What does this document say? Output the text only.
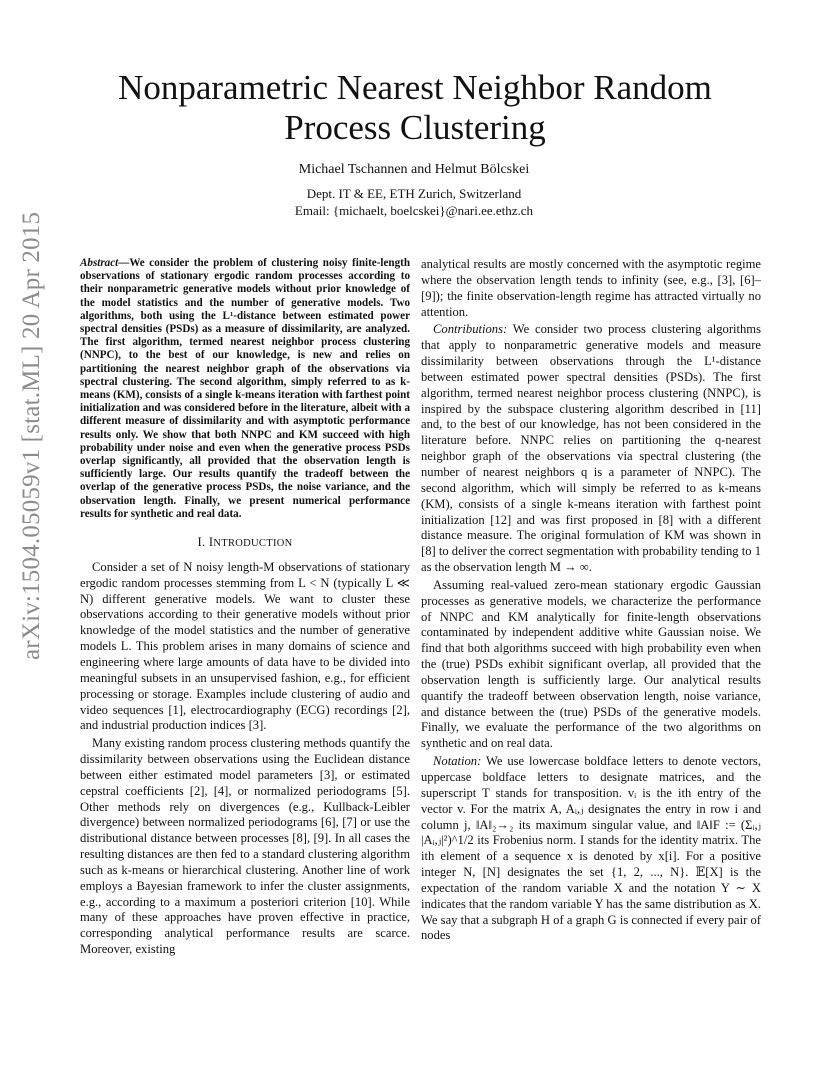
arXiv:1504.05059v1 [stat.ML] 20 Apr 2015
Nonparametric Nearest Neighbor Random Process Clustering
Michael Tschannen and Helmut Bölcskei
Dept. IT & EE, ETH Zurich, Switzerland
Email: {michaelt, boelcskei}@nari.ee.ethz.ch
Abstract—We consider the problem of clustering noisy finite-length observations of stationary ergodic random processes according to their nonparametric generative models without prior knowledge of the model statistics and the number of generative models. Two algorithms, both using the L¹-distance between estimated power spectral densities (PSDs) as a measure of dissimilarity, are analyzed. The first algorithm, termed nearest neighbor process clustering (NNPC), to the best of our knowledge, is new and relies on partitioning the nearest neighbor graph of the observations via spectral clustering. The second algorithm, simply referred to as k-means (KM), consists of a single k-means iteration with farthest point initialization and was considered before in the literature, albeit with a different measure of dissimilarity and with asymptotic performance results only. We show that both NNPC and KM succeed with high probability under noise and even when the generative process PSDs overlap significantly, all provided that the observation length is sufficiently large. Our results quantify the tradeoff between the overlap of the generative process PSDs, the noise variance, and the observation length. Finally, we present numerical performance results for synthetic and real data.
I. INTRODUCTION

Consider a set of N noisy length-M observations of stationary ergodic random processes stemming from L < N (typically L ≪ N) different generative models. We want to cluster these observations according to their generative models without prior knowledge of the model statistics and the number of generative models L. This problem arises in many domains of science and engineering where large amounts of data have to be divided into meaningful subsets in an unsupervised fashion, e.g., for efficient processing or storage. Examples include clustering of audio and video sequences [1], electrocardiography (ECG) recordings [2], and industrial production indices [3].

Many existing random process clustering methods quantify the dissimilarity between observations using the Euclidean distance between either estimated model parameters [3], or estimated cepstral coefficients [2], [4], or normalized periodograms [5]. Other methods rely on divergences (e.g., Kullback-Leibler divergence) between normalized periodograms [6], [7] or use the distributional distance between processes [8], [9]. In all cases the resulting distances are then fed to a standard clustering algorithm such as k-means or hierarchical clustering. Another line of work employs a Bayesian framework to infer the cluster assignments, e.g., according to a maximum a posteriori criterion [10]. While many of these approaches have proven effective in practice, corresponding analytical performance results are scarce. Moreover, existing

analytical results are mostly concerned with the asymptotic regime where the observation length tends to infinity (see, e.g., [3], [6]–[9]); the finite observation-length regime has attracted virtually no attention.

Contributions: We consider two process clustering algorithms that apply to nonparametric generative models and measure dissimilarity between observations through the L¹-distance between estimated power spectral densities (PSDs). The first algorithm, termed nearest neighbor process clustering (NNPC), is inspired by the subspace clustering algorithm described in [11] and, to the best of our knowledge, has not been considered in the literature before. NNPC relies on partitioning the q-nearest neighbor graph of the observations via spectral clustering (the number of nearest neighbors q is a parameter of NNPC). The second algorithm, which will simply be referred to as k-means (KM), consists of a single k-means iteration with farthest point initialization [12] and was first proposed in [8] with a different distance measure. The original formulation of KM was shown in [8] to deliver the correct segmentation with probability tending to 1 as the observation length M → ∞.

Assuming real-valued zero-mean stationary ergodic Gaussian processes as generative models, we characterize the performance of NNPC and KM analytically for finite-length observations contaminated by independent additive white Gaussian noise. We find that both algorithms succeed with high probability even when the (true) PSDs exhibit significant overlap, all provided that the observation length is sufficiently large. Our analytical results quantify the tradeoff between observation length, noise variance, and distance between the (true) PSDs of the generative models. Finally, we evaluate the performance of the two algorithms on synthetic and on real data.

Notation: We use lowercase boldface letters to denote vectors, uppercase boldface letters to designate matrices, and the superscript T stands for transposition. vᵢ is the ith entry of the vector v. For the matrix A, Aᵢ,ⱼ designates the entry in row i and column j, ‖A‖₂→₂ its maximum singular value, and ‖A‖F := (Σᵢ,ⱼ |Aᵢ,ⱼ|²)^1/2 its Frobenius norm. I stands for the identity matrix. The ith element of a sequence x is denoted by x[i]. For a positive integer N, [N] designates the set {1, 2, ..., N}. 𝔼[X] is the expectation of the random variable X and the notation Y ∼ X indicates that the random variable Y has the same distribution as X. We say that a subgraph H of a graph G is connected if every pair of nodes
